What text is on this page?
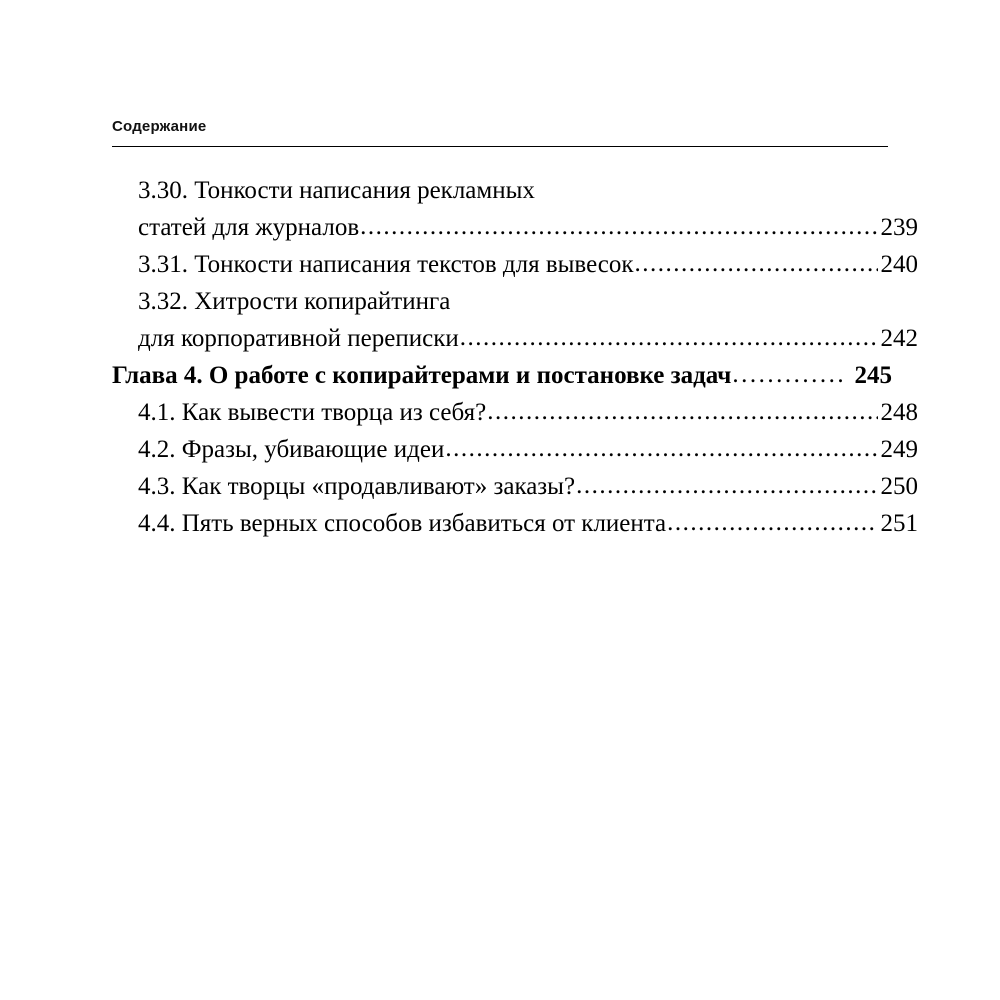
Содержание
3.30. Тонкости написания рекламных
статей для журналов .....	239
3.31. Тонкости написания текстов для вывесок .....	240
3.32. Хитрости копирайтинга
для корпоративной переписки .....	242
Глава 4. О работе с копирайтерами и постановке задач .....	245
4.1. Как вывести творца из себя? .....	248
4.2. Фразы, убивающие идеи .....	249
4.3. Как творцы «продавливают» заказы? .....	250
4.4. Пять верных способов избавиться от клиента .....	251
